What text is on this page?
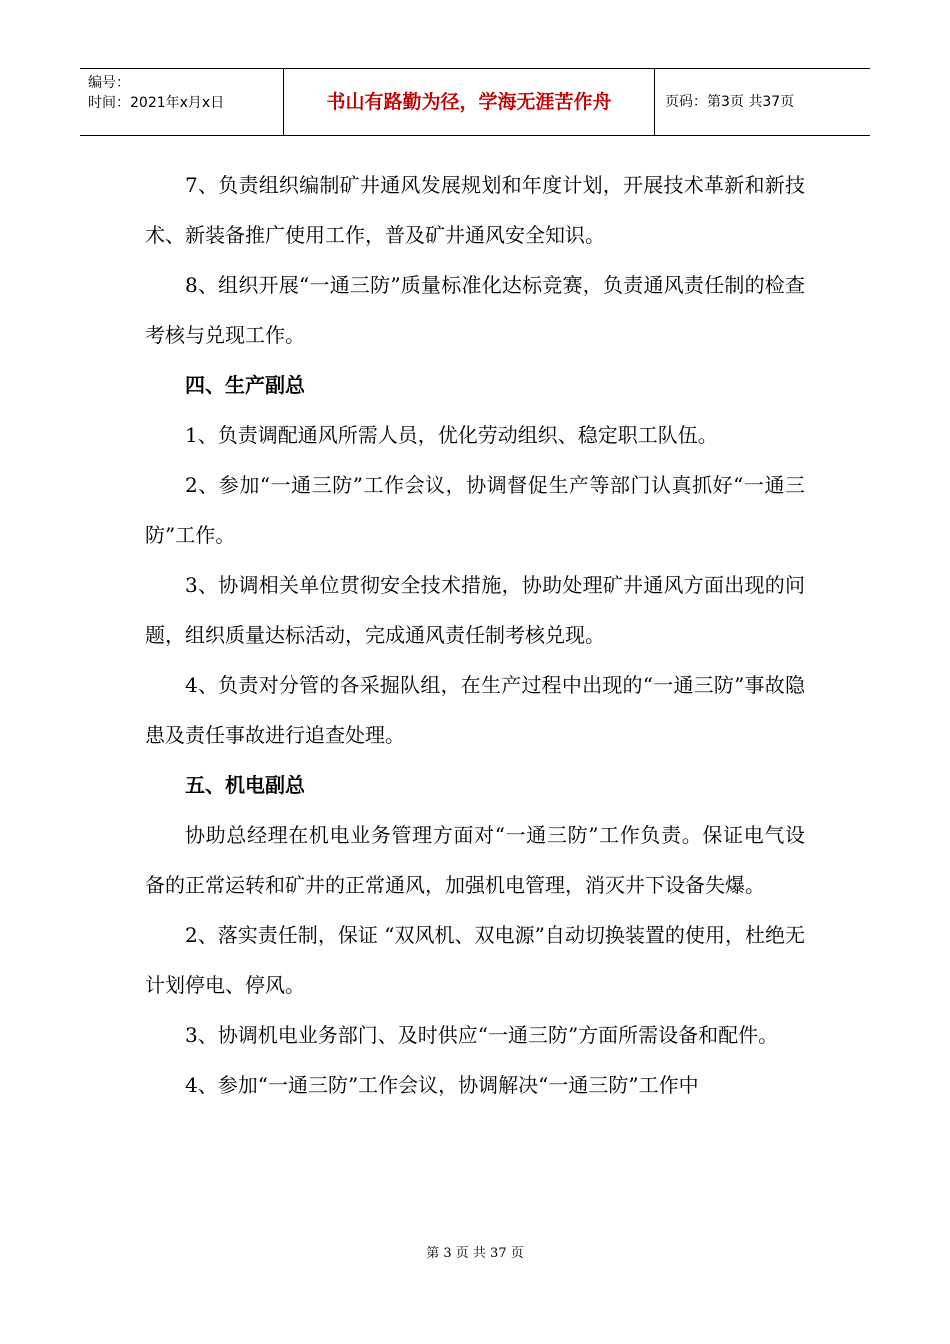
编号：
时间：2021年x月x日	书山有路勤为径，学海无涯苦作舟	页码：第3页 共37页

7、负责组织编制矿井通风发展规划和年度计划，开展技术革新和新技术、新装备推广使用工作，普及矿井通风安全知识。

8、组织开展“一通三防”质量标准化达标竞赛，负责通风责任制的检查考核与兑现工作。

四、生产副总

1、负责调配通风所需人员，优化劳动组织、稳定职工队伍。

2、参加“一通三防”工作会议，协调督促生产等部门认真抓好“一通三防”工作。

3、协调相关单位贯彻安全技术措施，协助处理矿井通风方面出现的问题，组织质量达标活动，完成通风责任制考核兑现。

4、负责对分管的各采掘队组，在生产过程中出现的“一通三防”事故隐患及责任事故进行追查处理。

五、机电副总

协助总经理在机电业务管理方面对“一通三防”工作负责。保证电气设备的正常运转和矿井的正常通风，加强机电管理，消灭井下设备失爆。

2、落实责任制，保证 “双风机、双电源”自动切换装置的使用，杜绝无计划停电、停风。

3、协调机电业务部门、及时供应“一通三防”方面所需设备和配件。

4、参加“一通三防”工作会议，协调解决“一通三防”工作中

第 3 页 共 37 页
